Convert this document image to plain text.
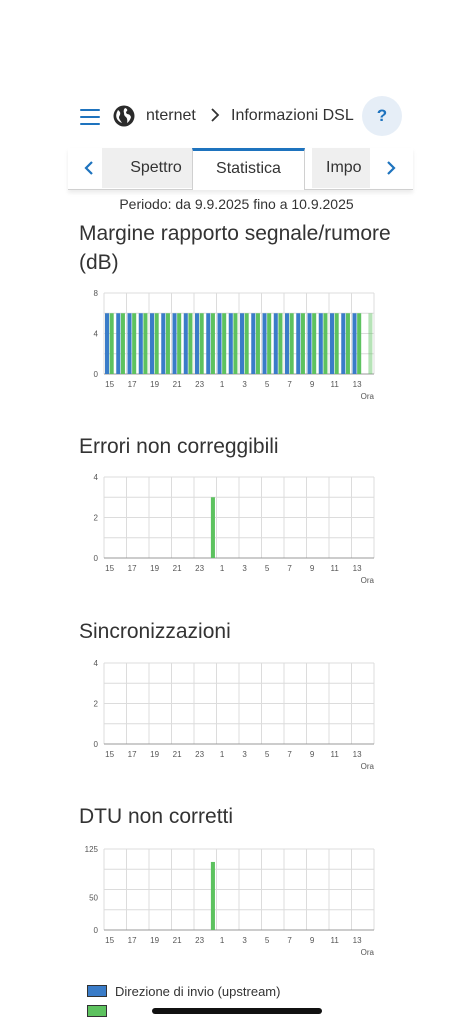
nternet Informazioni DSL	?
Spettro	Impo
Statistica
Periodo: da 9.9.2025 fino a 10.9.2025
Margine rapporto segnale/rumore (dB)
Errori non correggibili
Sincronizzazioni
DTU non corretti
0
4
8
15 17 19 21 23 1 3 5 7 9 11 13
Ora
0
2
4
15 17 19 21 23 1 3 5 7 9 11 13
Ora
0
2
4
15 17 19 21 23 1 3 5 7 9 11 13
Ora
0
50
125
15 17 19 21 23 1 3 5 7 9 11 13
Ora
Direzione di invio (upstream)
